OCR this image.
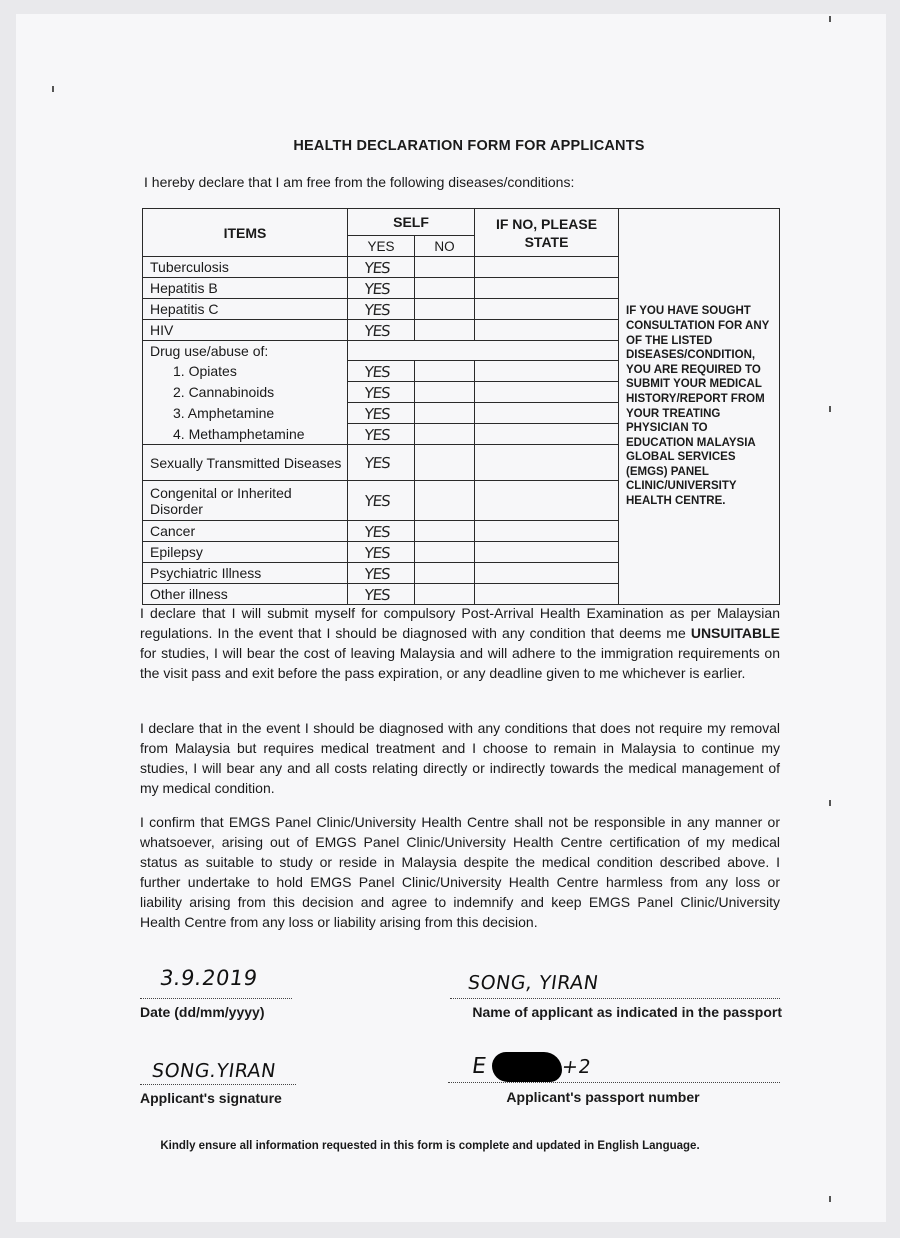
HEALTH DECLARATION FORM FOR APPLICANTS
I hereby declare that I am free from the following diseases/conditions:
ITEMS	SELF		IF NO, PLEASE STATE	IF YOU HAVE SOUGHT CONSULTATION FOR ANY OF THE LISTED DISEASES/CONDITION, YOU ARE REQUIRED TO SUBMIT YOUR MEDICAL HISTORY/REPORT FROM YOUR TREATING PHYSICIAN TO EDUCATION MALAYSIA GLOBAL SERVICES (EMGS) PANEL CLINIC/UNIVERSITY HEALTH CENTRE.
	YES	NO		
Tuberculosis	YES			
Hepatitis B	YES			
Hepatitis C	YES			
HIV	YES			
Drug use/abuse of:				
1. Opiates	YES			
2. Cannabinoids	YES			
3. Amphetamine	YES			
4. Methamphetamine	YES			
Sexually Transmitted Diseases	YES			
Congenital or Inherited Disorder	YES			
Cancer	YES			
Epilepsy	YES			
Psychiatric Illness	YES			
Other illness	YES			
I declare that I will submit myself for compulsory Post-Arrival Health Examination as per Malaysian regulations. In the event that I should be diagnosed with any condition that deems me UNSUITABLE for studies, I will bear the cost of leaving Malaysia and will adhere to the immigration requirements on the visit pass and exit before the pass expiration, or any deadline given to me whichever is earlier.
I declare that in the event I should be diagnosed with any conditions that does not require my removal from Malaysia but requires medical treatment and I choose to remain in Malaysia to continue my studies, I will bear any and all costs relating directly or indirectly towards the medical management of my medical condition.
I confirm that EMGS Panel Clinic/University Health Centre shall not be responsible in any manner or whatsoever, arising out of EMGS Panel Clinic/University Health Centre certification of my medical status as suitable to study or reside in Malaysia despite the medical condition described above. I further undertake to hold EMGS Panel Clinic/University Health Centre harmless from any loss or liability arising from this decision and agree to indemnify and keep EMGS Panel Clinic/University Health Centre from any loss or liability arising from this decision.
3.9.2019
Date (dd/mm/yyyy)
SONG, YIRAN
Name of applicant as indicated in the passport
SONG.YIRAN
Applicant's signature
E	+2
Applicant's passport number
Kindly ensure all information requested in this form is complete and updated in English Language.
